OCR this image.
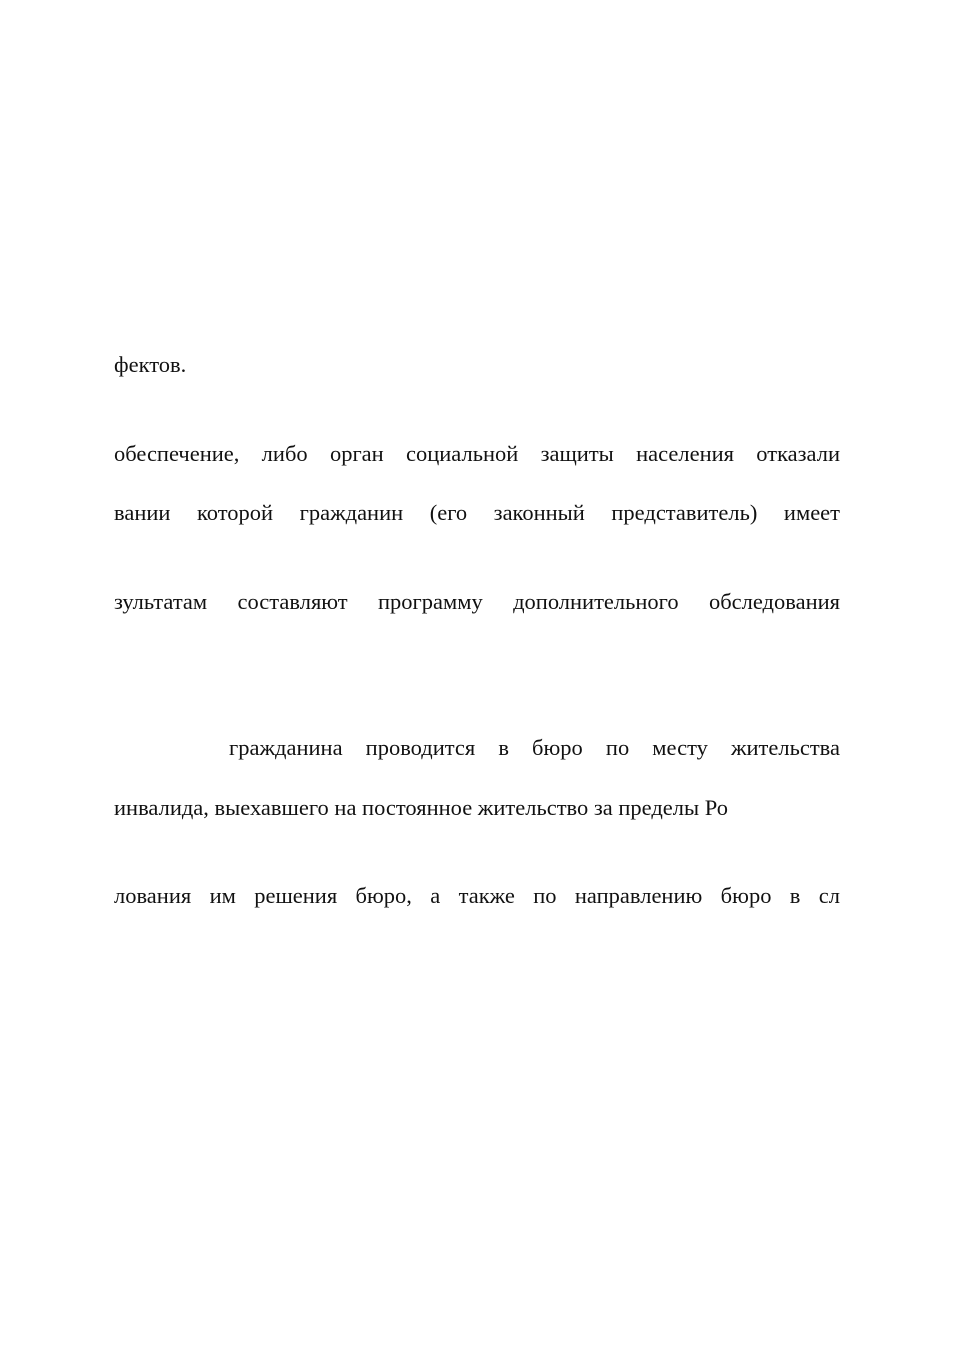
фектов.
обеспечение, либо орган социальной защиты населения отказали
вании которой гражданин (его законный представитель) имеет
зультатам составляют программу дополнительного обследования
гражданина проводится в бюро по месту жительства
инвалида, выехавшего на постоянное жительство за пределы Ро
лования им решения бюро, а также по направлению бюро в сл
